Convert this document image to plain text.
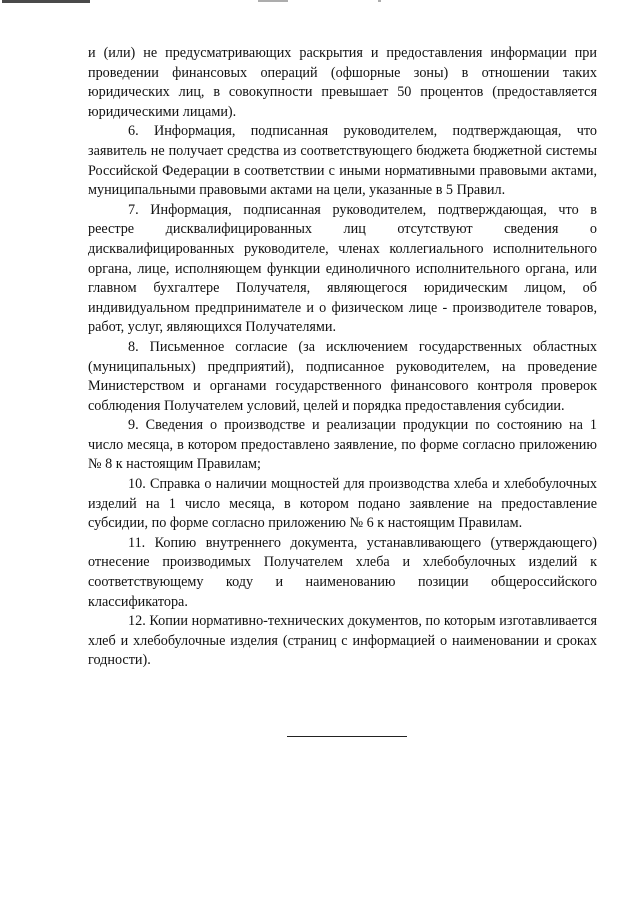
и (или) не предусматривающих раскрытия и предоставления информации при проведении финансовых операций (офшорные зоны) в отношении таких юридических лиц, в совокупности превышает 50 процентов (предоставляется юридическими лицами).

6. Информация, подписанная руководителем, подтверждающая, что заявитель не получает средства из соответствующего бюджета бюджетной системы Российской Федерации в соответствии с иными нормативными правовыми актами, муниципальными правовыми актами на цели, указанные в 5 Правил.

7. Информация, подписанная руководителем, подтверждающая, что в реестре дисквалифицированных лиц отсутствуют сведения о дисквалифицированных руководителе, членах коллегиального исполнительного органа, лице, исполняющем функции единоличного исполнительного органа, или главном бухгалтере Получателя, являющегося юридическим лицом, об индивидуальном предпринимателе и о физическом лице - производителе товаров, работ, услуг, являющихся Получателями.

8. Письменное согласие (за исключением государственных областных (муниципальных) предприятий), подписанное руководителем, на проведение Министерством и органами государственного финансового контроля проверок соблюдения Получателем условий, целей и порядка предоставления субсидии.

9. Сведения о производстве и реализации продукции по состоянию на 1 число месяца, в котором предоставлено заявление, по форме согласно приложению № 8 к настоящим Правилам;

10. Справка о наличии мощностей для производства хлеба и хлебобулочных изделий на 1 число месяца, в котором подано заявление на предоставление субсидии, по форме согласно приложению № 6 к настоящим Правилам.

11. Копию внутреннего документа, устанавливающего (утверждающего) отнесение производимых Получателем хлеба и хлебобулочных изделий к соответствующему коду и наименованию позиции общероссийского классификатора.

12. Копии нормативно-технических документов, по которым изготавливается хлеб и хлебобулочные изделия (страниц с информацией о наименовании и сроках годности).
